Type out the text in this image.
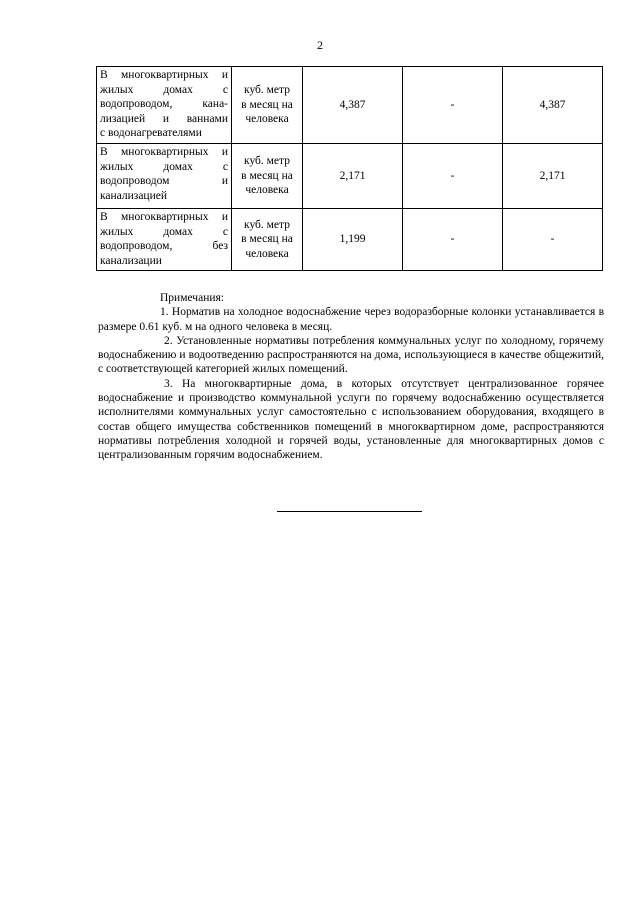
2
В многоквартирных и
жилых домах с
водопроводом, кана-
лизацией и ваннами
с водонагревателями	куб. метр
в месяц на
человека	4,387	-	4,387

В многоквартирных и
жилых домах с
водопроводом и
канализацией	куб. метр
в месяц на
человека	2,171	-	2,171

В многоквартирных и
жилых домах с
водопроводом, без
канализации	куб. метр
в месяц на
человека	1,199	-	-

Примечания:

1. Норматив на холодное водоснабжение через водоразборные колонки устанавливается в размере 0.61 куб. м на одного человека в месяц.

2. Установленные нормативы потребления коммунальных услуг по холодному, горячему водоснабжению и водоотведению распространяются на дома, использующиеся в качестве общежитий, с соответствующей категорией жилых помещений.

3. На многоквартирные дома, в которых отсутствует централизованное горячее водоснабжение и производство коммунальной услуги по горячему водоснабжению осуществляется исполнителями коммунальных услуг самостоятельно с использованием оборудования, входящего в состав общего имущества собственников помещений в многоквартирном доме, распространяются нормативы потребления холодной и горячей воды, установленные для многоквартирных домов с централизованным горячим водоснабжением.
